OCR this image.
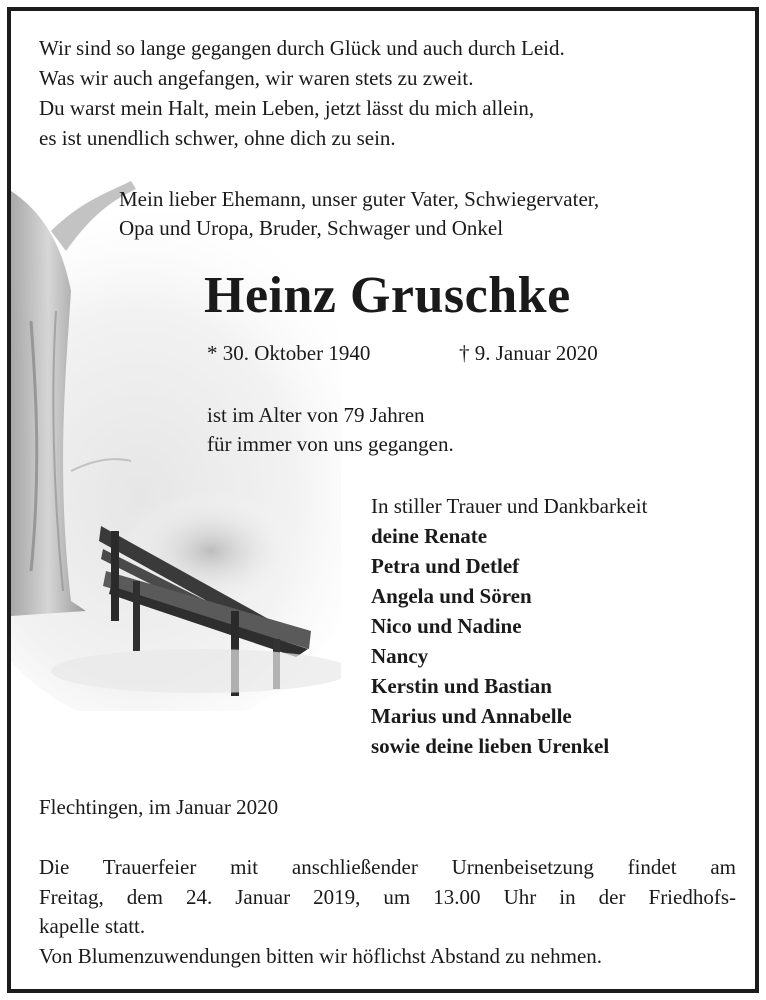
Wir sind so lange gegangen durch Glück und auch durch Leid.
Was wir auch angefangen, wir waren stets zu zweit.
Du warst mein Halt, mein Leben, jetzt lässt du mich allein,
es ist unendlich schwer, ohne dich zu sein.
Mein lieber Ehemann, unser guter Vater, Schwiegervater,
Opa und Uropa, Bruder, Schwager und Onkel
Heinz Gruschke
* 30. Oktober 1940	† 9. Januar 2020
ist im Alter von 79 Jahren
für immer von uns gegangen.
In stiller Trauer und Dankbarkeit
deine Renate
Petra und Detlef
Angela und Sören
Nico und Nadine
Nancy
Kerstin und Bastian
Marius und Annabelle
sowie deine lieben Urenkel
Flechtingen, im Januar 2020
Die Trauerfeier mit anschließender Urnenbeisetzung findet am
Freitag, dem 24. Januar 2019, um 13.00 Uhr in der Friedhofs-
kapelle statt.
Von Blumenzuwendungen bitten wir höflichst Abstand zu nehmen.
